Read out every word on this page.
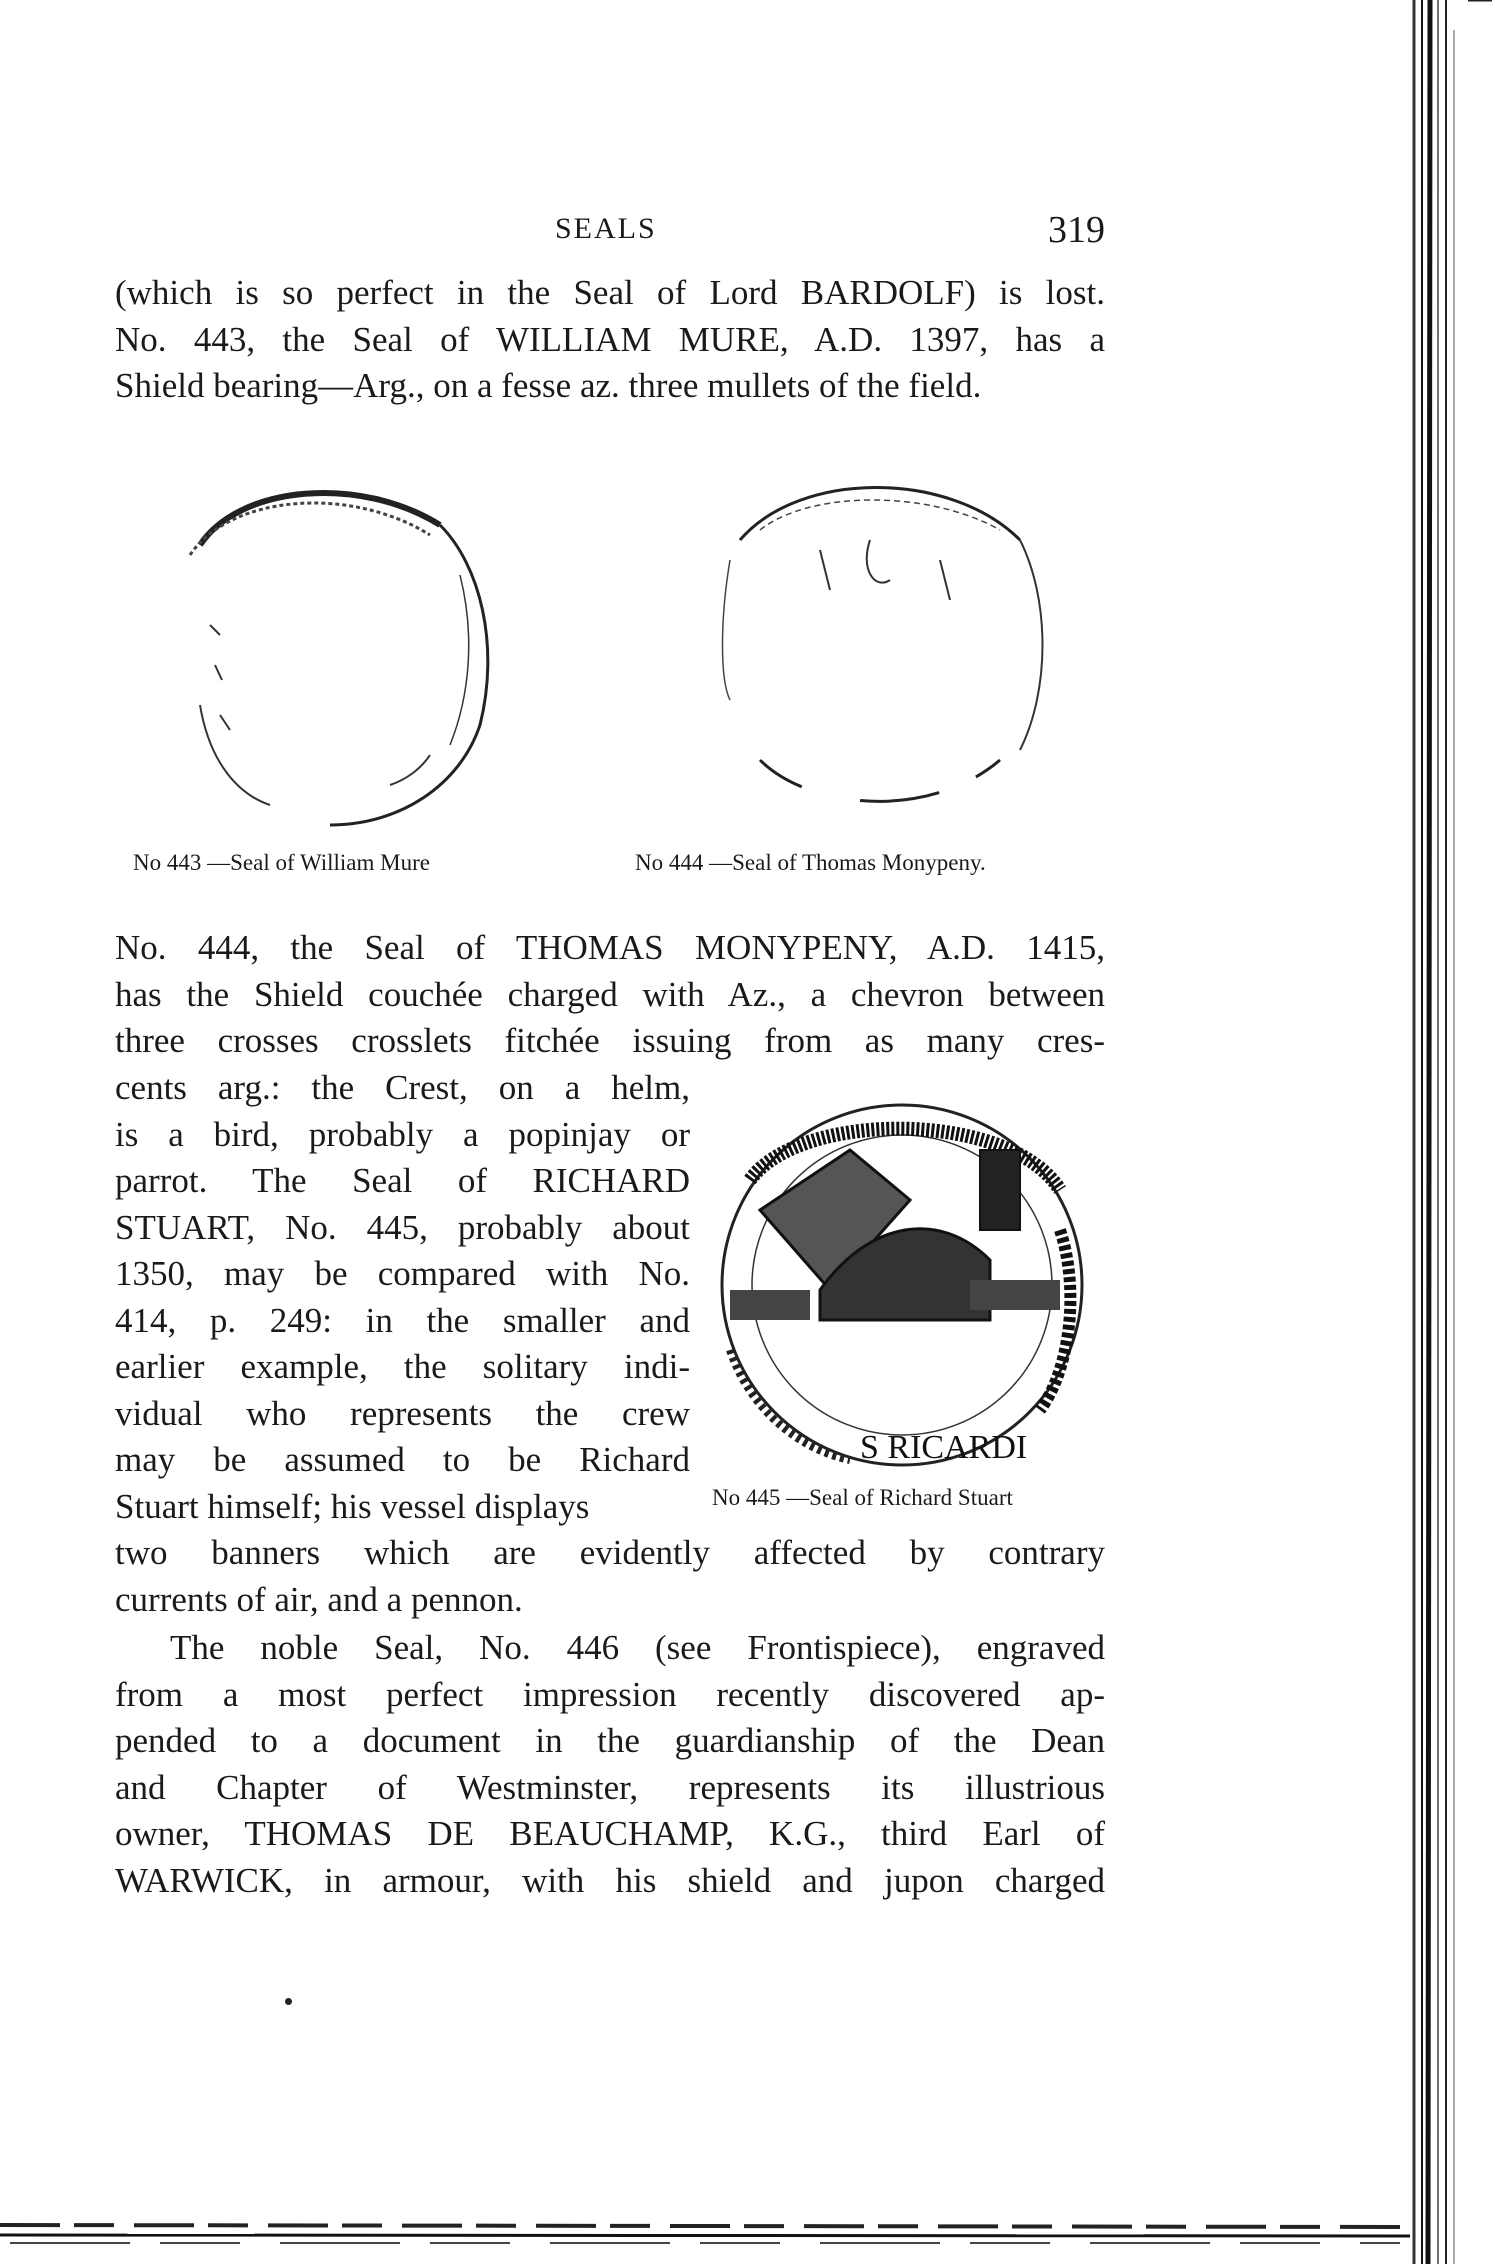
SEALS	319

(which is so perfect in the Seal of Lord BARDOLF) is lost.
No. 443, the Seal of WILLIAM MURE, A.D. 1397, has a
Shield bearing—Arg., on a fesse az. three mullets of the field.

No 443 —Seal of William Mure	No 444 —Seal of Thomas Monypeny.

No. 444, the Seal of THOMAS MONYPENY, A.D. 1415,
has the Shield couchée charged with Az., a chevron between
three crosses crosslets fitchée issuing from as many cres-

cents arg.: the Crest, on a helm,
is a bird, probably a popinjay or
parrot. The Seal of RICHARD
STUART, No. 445, probably about
1350, may be compared with No.
414, p. 249: in the smaller and
earlier example, the solitary indi-
vidual who represents the crew
may be assumed to be Richard
Stuart himself; his vessel displays

S RICARDI
No 445 —Seal of Richard Stuart

two banners which are evidently affected by contrary
currents of air, and a pennon.

The noble Seal, No. 446 (see Frontispiece), engraved
from a most perfect impression recently discovered ap-
pended to a document in the guardianship of the Dean
and Chapter of Westminster, represents its illustrious
owner, THOMAS DE BEAUCHAMP, K.G., third Earl of
WARWICK, in armour, with his shield and jupon charged
